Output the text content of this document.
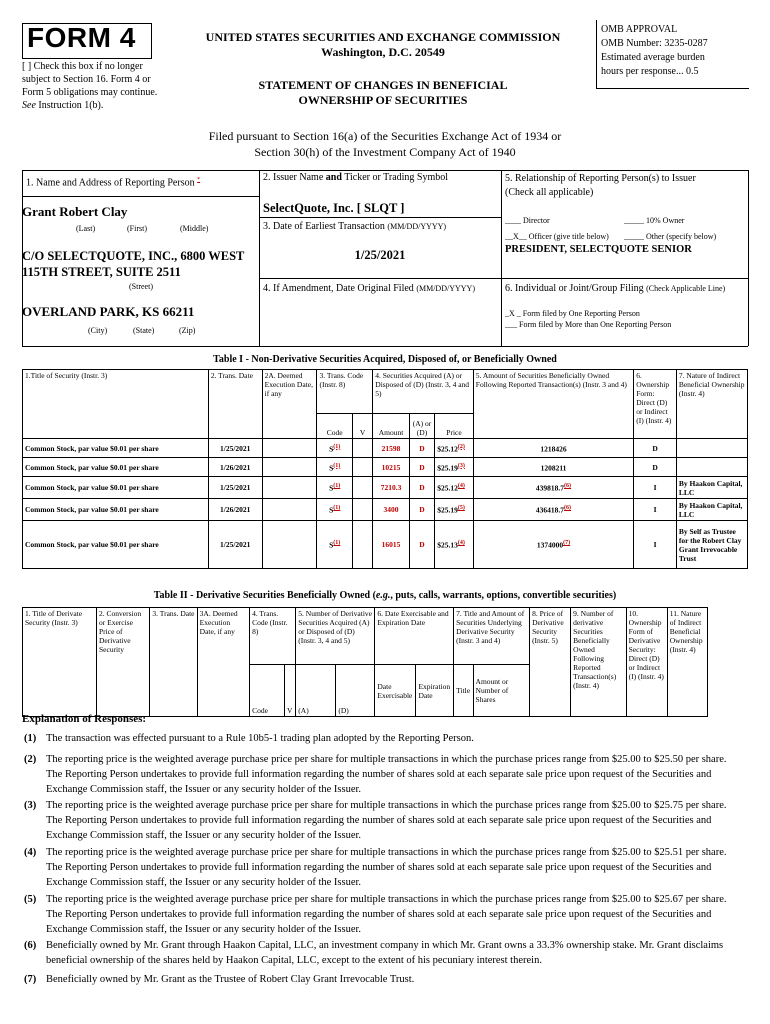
FORM 4
[ ] Check this box if no longer subject to Section 16. Form 4 or Form 5 obligations may continue. See Instruction 1(b).
UNITED STATES SECURITIES AND EXCHANGE COMMISSION
Washington, D.C. 20549
STATEMENT OF CHANGES IN BENEFICIAL OWNERSHIP OF SECURITIES
OMB APPROVAL
OMB Number: 3235-0287
Estimated average burden
hours per response... 0.5
Filed pursuant to Section 16(a) of the Securities Exchange Act of 1934 or
Section 30(h) of the Investment Company Act of 1940
1. Name and Address of Reporting Person *
Grant Robert Clay
(Last)	(First)	(Middle)
C/O SELECTQUOTE, INC., 6800 WEST 115TH STREET, SUITE 2511
(Street)
OVERLAND PARK, KS 66211
(City)	(State)	(Zip)
2. Issuer Name and Ticker or Trading Symbol
SelectQuote, Inc. [ SLQT ]
3. Date of Earliest Transaction (MM/DD/YYYY)
1/25/2021
4. If Amendment, Date Original Filed (MM/DD/YYYY)
5. Relationship of Reporting Person(s) to Issuer
(Check all applicable)
____ Director	_____ 10% Owner
__X__ Officer (give title below) _____ Other (specify below)
PRESIDENT, SELECTQUOTE SENIOR
6. Individual or Joint/Group Filing (Check Applicable Line)
_X _ Form filed by One Reporting Person
___ Form filed by More than One Reporting Person
Table I - Non-Derivative Securities Acquired, Disposed of, or Beneficially Owned
1.Title of Security (Instr. 3)	2. Trans. Date	2A. Deemed Execution Date, if any	3. Trans. Code (Instr. 8)		4. Securities Acquired (A) or Disposed of (D) (Instr. 3, 4 and 5)			5. Amount of Securities Beneficially Owned Following Reported Transaction(s) (Instr. 3 and 4)	6. Ownership Form: Direct (D) or Indirect (I) (Instr. 4)	7. Nature of Indirect Beneficial Ownership (Instr. 4)
			Code	V	Amount	(A) or (D)	Price			
Common Stock, par value $0.01 per share	1/25/2021		$S^{(1)}$		21598	D	$25.12$^{(2)}$	1218426	D	
Common Stock, par value $0.01 per share	1/26/2021		$S^{(1)}$		10215	D	$25.19$^{(3)}$	1208211	D	
Common Stock, par value $0.01 per share	1/25/2021		$S^{(1)}$		7210.3	D	$25.12$^{(4)}$	439818.7$^{(6)}$	I	By Haakon Capital, LLC
Common Stock, par value $0.01 per share	1/26/2021		$S^{(1)}$		3400	D	$25.19$^{(5)}$	436418.7$^{(6)}$	I	By Haakon Capital, LLC
Common Stock, par value $0.01 per share	1/25/2021		$S^{(1)}$		16015	D	$25.13$^{(4)}$	1374000$^{(7)}$	I	By Self as Trustee for the Robert Clay Grant Irrevocable Trust
Table II - Derivative Securities Beneficially Owned (e.g., puts, calls, warrants, options, convertible securities)
1. Title of Derivate Security (Instr. 3)	2. Conversion or Exercise Price of Derivative Security	3. Trans. Date	3A. Deemed Execution Date, if any	4. Trans. Code (Instr. 8)		5. Number of Derivative Securities Acquired (A) or Disposed of (D) (Instr. 3, 4 and 5)		6. Date Exercisable and Expiration Date		7. Title and Amount of Securities Underlying Derivative Security (Instr. 3 and 4)		8. Price of Derivative Security (Instr. 5)	9. Number of derivative Securities Beneficially Owned Following Reported Transaction(s) (Instr. 4)	10. Ownership Form of Derivative Security: Direct (D) or Indirect (I) (Instr. 4)	11. Nature of Indirect Beneficial Ownership (Instr. 4)
				Code	V	(A)	(D)	Date Exercisable	Expiration Date	Title	Amount or Number of Shares				
Explanation of Responses:
(1) The transaction was effected pursuant to a Rule 10b5-1 trading plan adopted by the Reporting Person.
(2) The reporting price is the weighted average purchase price per share for multiple transactions in which the purchase prices range from $25.00 to $25.50 per share. The Reporting Person undertakes to provide full information regarding the number of shares sold at each separate sale price upon request of the Securities and Exchange Commission staff, the Issuer or any security holder of the Issuer.
(3) The reporting price is the weighted average purchase price per share for multiple transactions in which the purchase prices range from $25.00 to $25.75 per share. The Reporting Person undertakes to provide full information regarding the number of shares sold at each separate sale price upon request of the Securities and Exchange Commission staff, the Issuer or any security holder of the Issuer.
(4) The reporting price is the weighted average purchase price per share for multiple transactions in which the purchase prices range from $25.00 to $25.51 per share. The Reporting Person undertakes to provide full information regarding the number of shares sold at each separate sale price upon request of the Securities and Exchange Commission staff, the Issuer or any security holder of the Issuer.
(5) The reporting price is the weighted average purchase price per share for multiple transactions in which the purchase prices range from $25.00 to $25.67 per share. The Reporting Person undertakes to provide full information regarding the number of shares sold at each separate sale price upon request of the Securities and Exchange Commission staff, the Issuer or any security holder of the Issuer.
(6) Beneficially owned by Mr. Grant through Haakon Capital, LLC, an investment company in which Mr. Grant owns a 33.3% ownership stake. Mr. Grant disclaims beneficial ownership of the shares held by Haakon Capital, LLC, except to the extent of his pecuniary interest therein.
(7) Beneficially owned by Mr. Grant as the Trustee of Robert Clay Grant Irrevocable Trust.
